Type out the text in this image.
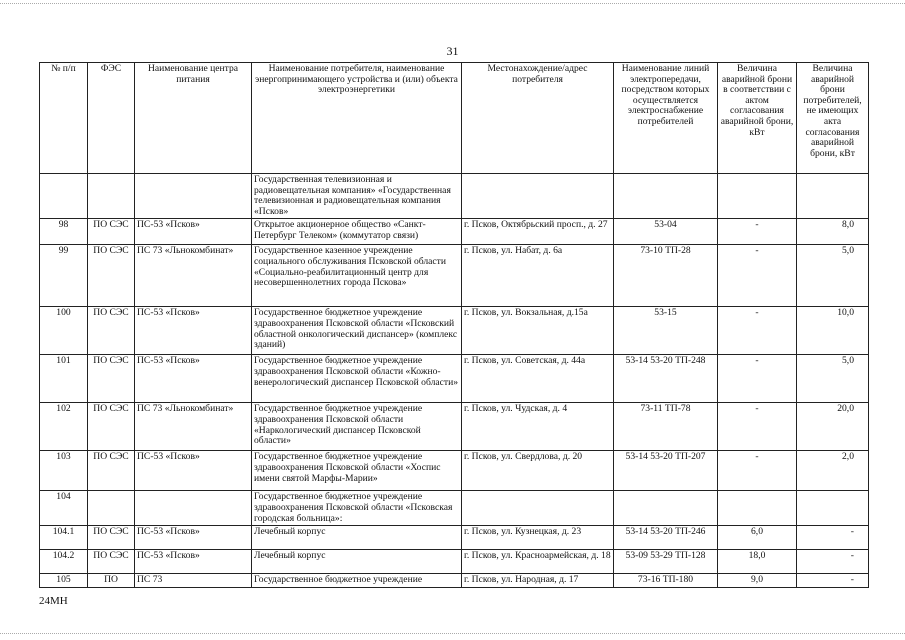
31
№ п/п	ФЭС	Наименование центра питания	Наименование потребителя, наименование энергопринимающего устройства и (или) объекта электроэнергетики	Местонахождение/адрес потребителя	Наименование линий электропередачи, посредством которых осуществляется электроснабжение потребителей	Величина аварийной брони в соответствии с актом согласования аварийной брони, кВт	Величина аварийной брони потребителей, не имеющих акта согласования аварийной брони, кВт
			Государственная телевизионная и радиовещательная компания» «Государственная телевизионная и радиовещательная компания «Псков»				
98	ПО СЭС	ПС-53 «Псков»	Открытое акционерное общество «Санкт-Петербург Телеком» (коммутатор связи)	г. Псков, Октябрьский просп., д. 27	53-04	-	8,0
99	ПО СЭС	ПС 73 «Льнокомбинат»	Государственное казенное учреждение социального обслуживания Псковской области «Социально-реабилитационный центр для несовершеннолетних города Пскова»	г. Псков, ул. Набат, д. 6а	73-10 ТП-28	-	5,0
100	ПО СЭС	ПС-53 «Псков»	Государственное бюджетное учреждение здравоохранения Псковской области «Псковский областной онкологический диспансер» (комплекс зданий)	г. Псков, ул. Вокзальная, д.15а	53-15	-	10,0
101	ПО СЭС	ПС-53 «Псков»	Государственное бюджетное учреждение здравоохранения Псковской области «Кожно-венерологический диспансер Псковской области»	г. Псков, ул. Советская, д. 44а	53-14 53-20 ТП-248	-	5,0
102	ПО СЭС	ПС 73 «Льнокомбинат»	Государственное бюджетное учреждение здравоохранения Псковской области «Наркологический диспансер Псковской области»	г. Псков, ул. Чудская, д. 4	73-11 ТП-78	-	20,0
103	ПО СЭС	ПС-53 «Псков»	Государственное бюджетное учреждение здравоохранения Псковской области «Хоспис имени святой Марфы-Марии»	г. Псков, ул. Свердлова, д. 20	53-14 53-20 ТП-207	-	2,0
104			Государственное бюджетное учреждение здравоохранения Псковской области «Псковская городская больница»:				
104.1	ПО СЭС	ПС-53 «Псков»	Лечебный корпус	г. Псков, ул. Кузнецкая, д. 23	53-14 53-20 ТП-246	6,0	-
104.2	ПО СЭС	ПС-53 «Псков»	Лечебный корпус	г. Псков, ул. Красноармейская, д. 18	53-09 53-29 ТП-128	18,0	-
105	ПО	ПС 73	Государственное бюджетное учреждение	г. Псков, ул. Народная, д. 17	73-16 ТП-180	9,0	-
24МН
